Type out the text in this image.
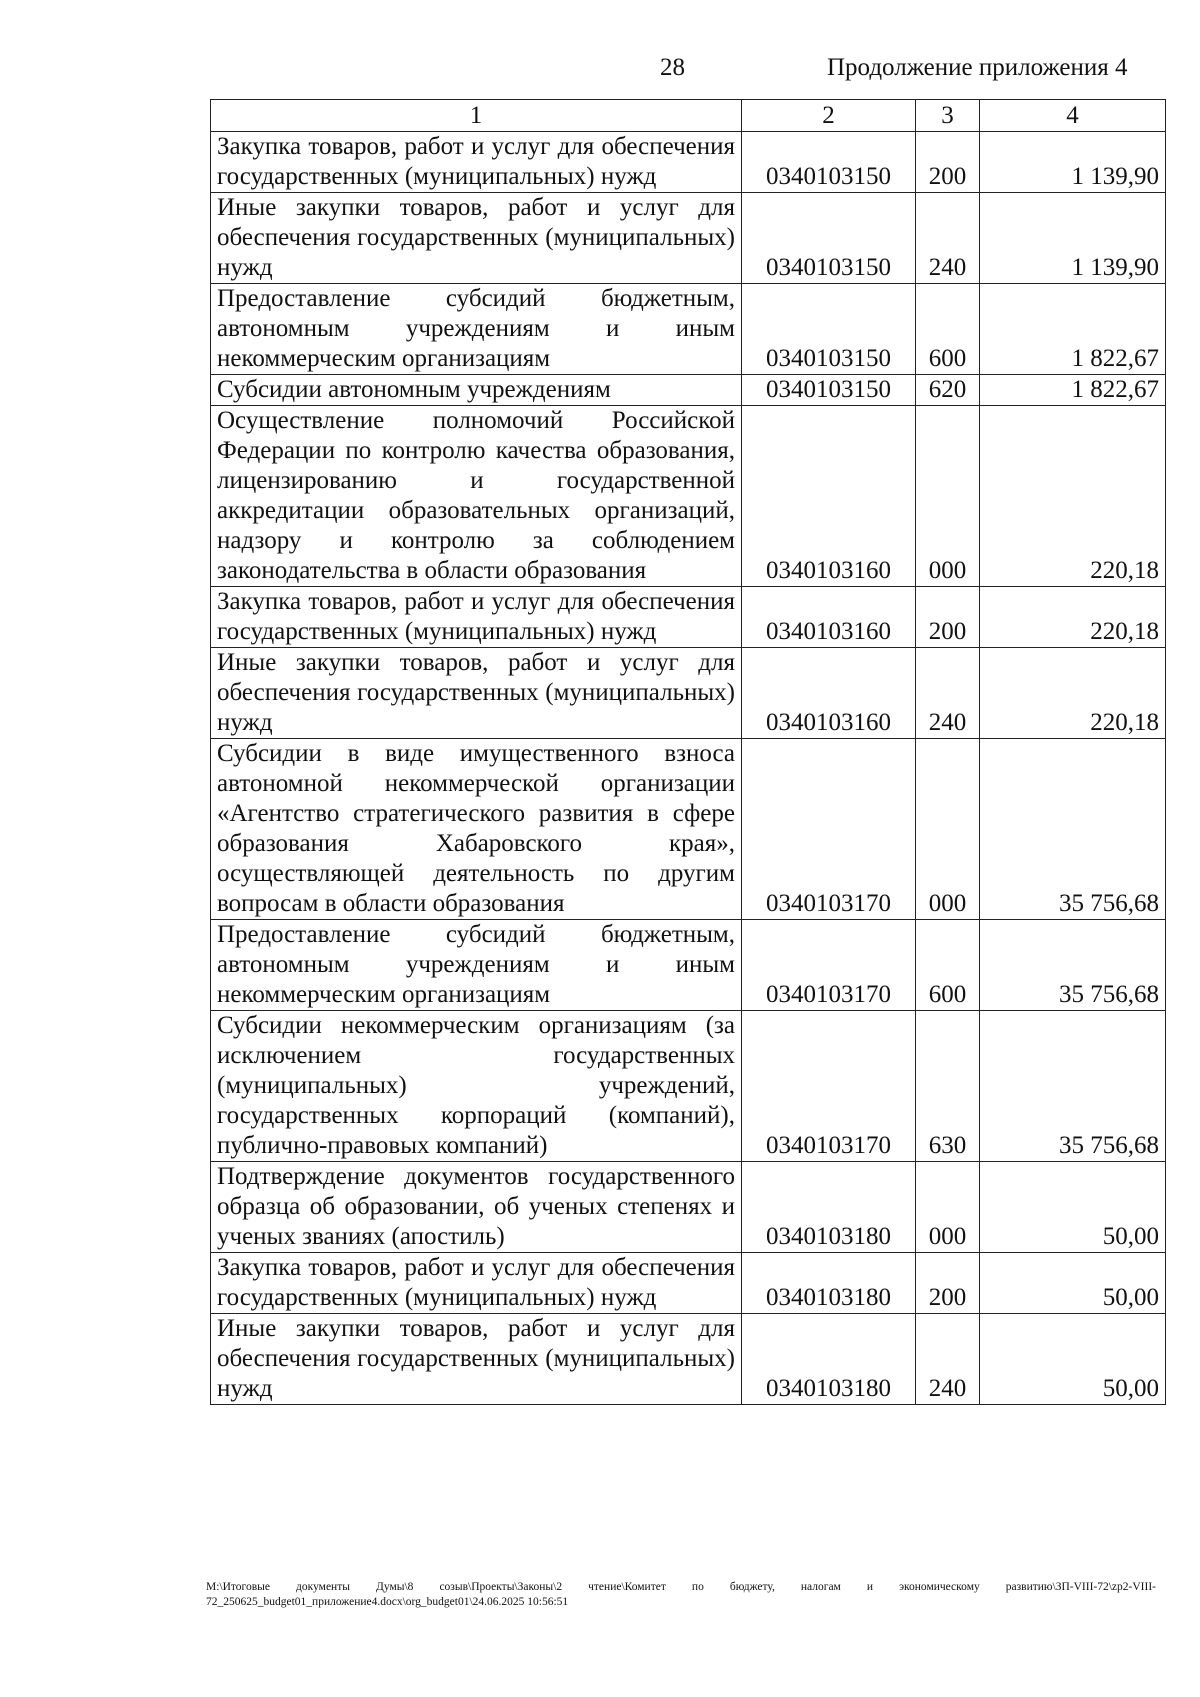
28	Продолжение приложения 4
1	2	3	4
Закупка товаров, работ и услуг для обеспечения государственных (муниципальных) нужд	0340103150	200	1 139,90
Иные закупки товаров, работ и услуг для обеспечения государственных (муниципальных) нужд	0340103150	240	1 139,90
Предоставление субсидий бюджетным, автономным учреждениям и иным некоммерческим организациям	0340103150	600	1 822,67
Субсидии автономным учреждениям	0340103150	620	1 822,67
Осуществление полномочий Российской Федерации по контролю качества образования, лицензированию и государственной аккредитации образовательных организаций, надзору и контролю за соблюдением законодательства в области образования	0340103160	000	220,18
Закупка товаров, работ и услуг для обеспечения государственных (муниципальных) нужд	0340103160	200	220,18
Иные закупки товаров, работ и услуг для обеспечения государственных (муниципальных) нужд	0340103160	240	220,18
Субсидии в виде имущественного взноса автономной некоммерческой организации «Агентство стратегического развития в сфере образования Хабаровского края», осуществляющей деятельность по другим вопросам в области образования	0340103170	000	35 756,68
Предоставление субсидий бюджетным, автономным учреждениям и иным некоммерческим организациям	0340103170	600	35 756,68
Субсидии некоммерческим организациям (за исключением государственных (муниципальных) учреждений, государственных корпораций (компаний), публично-правовых компаний)	0340103170	630	35 756,68
Подтверждение документов государственного образца об образовании, об ученых степенях и ученых званиях (апостиль)	0340103180	000	50,00
Закупка товаров, работ и услуг для обеспечения государственных (муниципальных) нужд	0340103180	200	50,00
Иные закупки товаров, работ и услуг для обеспечения государственных (муниципальных) нужд	0340103180	240	50,00
М:\Итоговые документы Думы\8 созыв\Проекты\Законы\2 чтение\Комитет по бюджету, налогам и экономическому развитию\ЗП-VIII-72\zp2-VIII-72_250625_budget01_приложение4.docx\org_budget01\24.06.2025 10:56:51
